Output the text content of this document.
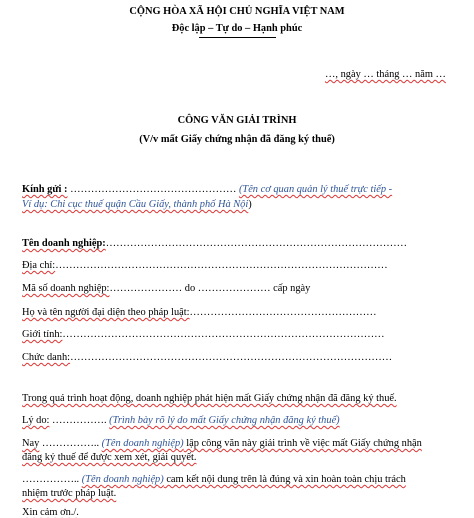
CỘNG HÒA XÃ HỘI CHỦ NGHĨA VIỆT NAM
Độc lập – Tự do – Hạnh phúc
…, ngày … tháng … năm …
CÔNG VĂN GIẢI TRÌNH
(V/v mất Giấy chứng nhận đã đăng ký thuế)
Kính gửi : ………………………………………… (Tên cơ quan quản lý thuế trực tiếp -
Ví dụ: Chi cục thuế quận Cầu Giấy, thành phố Hà Nội)
Tên doanh nghiệp:……………………………………………………………………………
Địa chỉ:……………………………………………………………………………………
Mã số doanh nghiệp:………………… do ………………… cấp ngày
Họ và tên người đại diện theo pháp luật:………………………………………………
Giới tính:…………………………………………………………………………………
Chức danh:…………………………………………………………………………………
Trong quá trình hoạt động, doanh nghiệp phát hiện mất Giấy chứng nhận đã đăng ký thuế.
Lý do: ……………. (Trình bày rõ lý do mất Giấy chứng nhận đăng ký thuế)
Nay …………….. (Tên doanh nghiệp) lập công văn này giải trình về việc mất Giấy chứng nhận
đăng ký thuế để được xem xét, giải quyết.
…………….. (Tên doanh nghiệp) cam kết nội dung trên là đúng và xin hoàn toàn chịu trách
nhiệm trước pháp luật.
Xin cảm ơn./.
